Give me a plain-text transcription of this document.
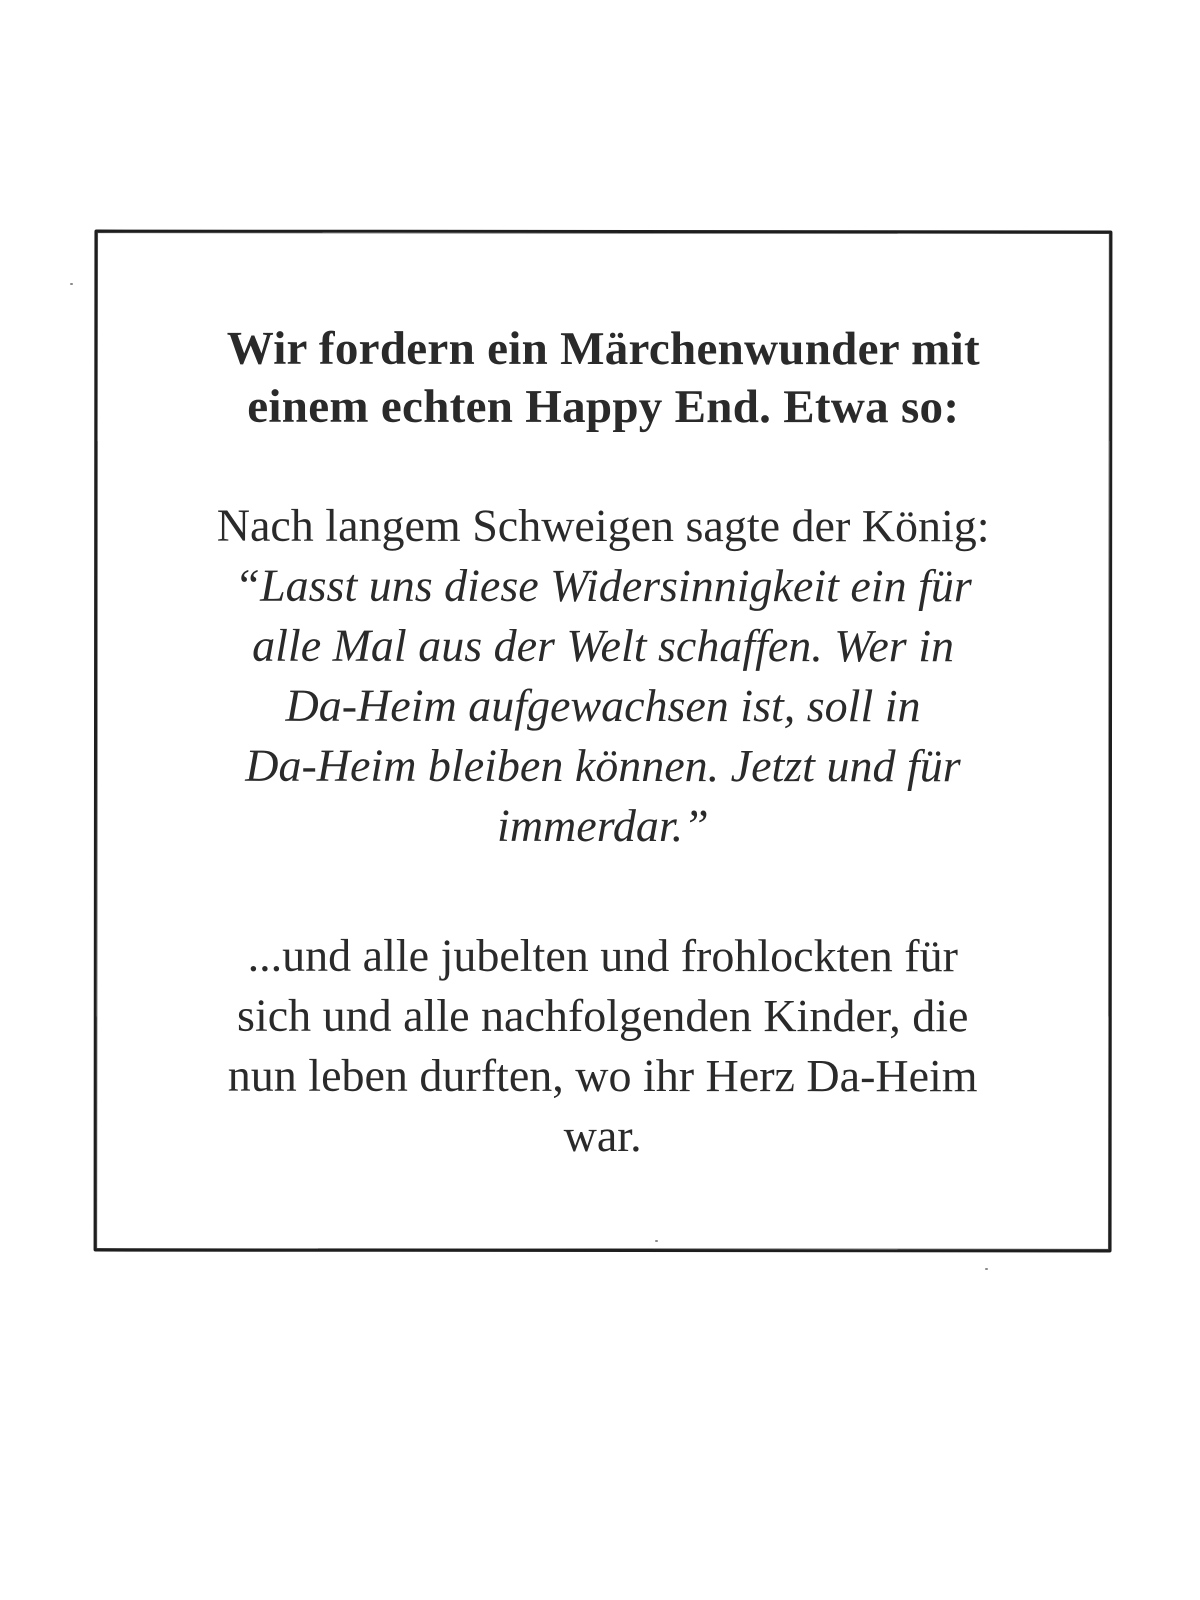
Wir fordern ein Märchenwunder mit
einem echten Happy End. Etwa so:
Nach langem Schweigen sagte der König:
“Lasst uns diese Widersinnigkeit ein für
alle Mal aus der Welt schaffen. Wer in
Da-Heim aufgewachsen ist, soll in
Da-Heim bleiben können. Jetzt und für
immerdar.”
...und alle jubelten und frohlockten für
sich und alle nachfolgenden Kinder, die
nun leben durften, wo ihr Herz Da-Heim
war.
